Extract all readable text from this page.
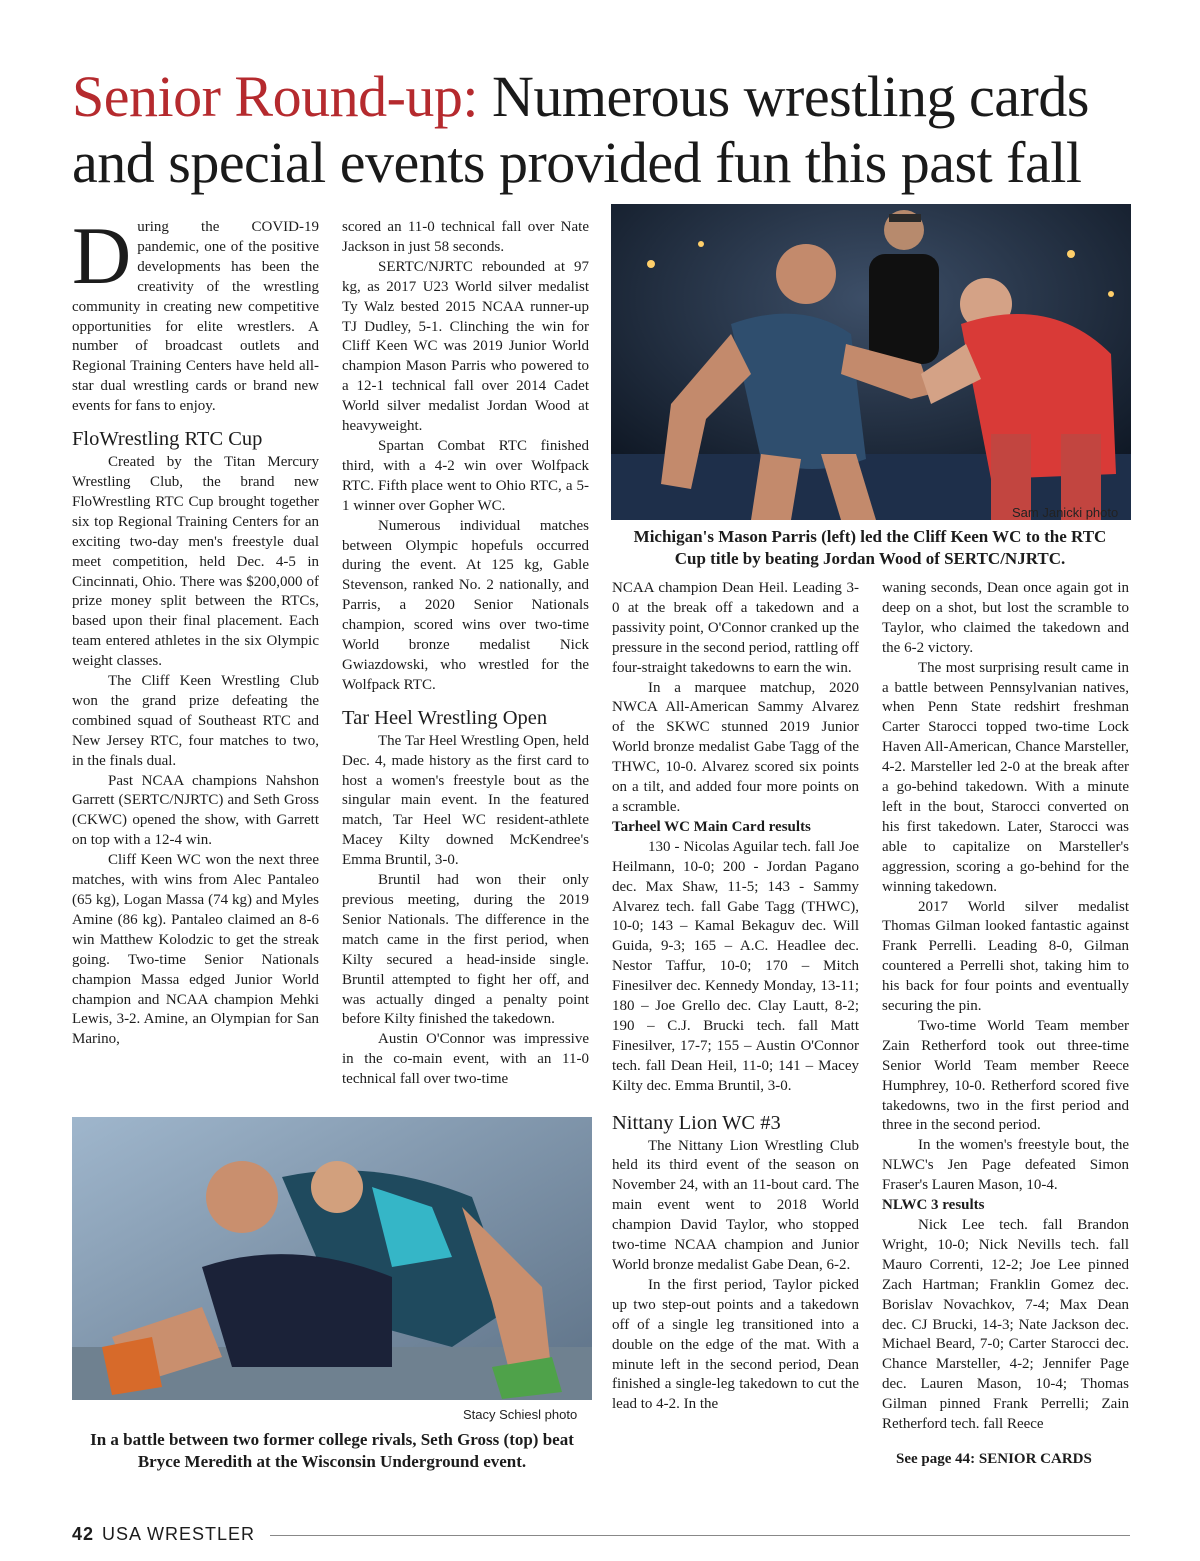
Senior Round-up: Numerous wrestling cards and special events provided fun this past fall

During the COVID-19 pandemic, one of the positive developments has been the creativity of the wrestling community in creating new competitive opportunities for elite wrestlers. A number of broadcast outlets and Regional Training Centers have held all-star dual wrestling cards or brand new events for fans to enjoy.

FloWrestling RTC Cup

Created by the Titan Mercury Wrestling Club, the brand new FloWrestling RTC Cup brought together six top Regional Training Centers for an exciting two-day men's freestyle dual meet competition, held Dec. 4-5 in Cincinnati, Ohio. There was $200,000 of prize money split between the RTCs, based upon their final placement. Each team entered athletes in the six Olympic weight classes.

The Cliff Keen Wrestling Club won the grand prize defeating the combined squad of Southeast RTC and New Jersey RTC, four matches to two, in the finals dual.

Past NCAA champions Nahshon Garrett (SERTC/NJRTC) and Seth Gross (CKWC) opened the show, with Garrett on top with a 12-4 win.

Cliff Keen WC won the next three matches, with wins from Alec Pantaleo (65 kg), Logan Massa (74 kg) and Myles Amine (86 kg). Pantaleo claimed an 8-6 win Matthew Kolodzic to get the streak going. Two-time Senior Nationals champion Massa edged Junior World champion and NCAA champion Mehki Lewis, 3-2. Amine, an Olympian for San Marino,

scored an 11-0 technical fall over Nate Jackson in just 58 seconds.

SERTC/NJRTC rebounded at 97 kg, as 2017 U23 World silver medalist Ty Walz bested 2015 NCAA runner-up TJ Dudley, 5-1. Clinching the win for Cliff Keen WC was 2019 Junior World champion Mason Parris who powered to a 12-1 technical fall over 2014 Cadet World silver medalist Jordan Wood at heavyweight.

Spartan Combat RTC finished third, with a 4-2 win over Wolfpack RTC. Fifth place went to Ohio RTC, a 5-1 winner over Gopher WC.

Numerous individual matches between Olympic hopefuls occurred during the event. At 125 kg, Gable Stevenson, ranked No. 2 nationally, and Parris, a 2020 Senior Nationals champion, scored wins over two-time World bronze medalist Nick Gwiazdowski, who wrestled for the Wolfpack RTC.

Tar Heel Wrestling Open

The Tar Heel Wrestling Open, held Dec. 4, made history as the first card to host a women's freestyle bout as the singular main event. In the featured match, Tar Heel WC resident-athlete Macey Kilty downed McKendree's Emma Bruntil, 3-0.

Bruntil had won their only previous meeting, during the 2019 Senior Nationals. The difference in the match came in the first period, when Kilty secured a head-inside single. Bruntil attempted to fight her off, and was actually dinged a penalty point before Kilty finished the takedown.

Austin O'Connor was impressive in the co-main event, with an 11-0 technical fall over two-time

Sam Janicki photo
Michigan's Mason Parris (left) led the Cliff Keen WC to the RTC Cup title by beating Jordan Wood of SERTC/NJRTC.

NCAA champion Dean Heil. Leading 3-0 at the break off a takedown and a passivity point, O'Connor cranked up the pressure in the second period, rattling off four-straight takedowns to earn the win.

In a marquee matchup, 2020 NWCA All-American Sammy Alvarez of the SKWC stunned 2019 Junior World bronze medalist Gabe Tagg of the THWC, 10-0. Alvarez scored six points on a tilt, and added four more points on a scramble.

Tarheel WC Main Card results

130 - Nicolas Aguilar tech. fall Joe Heilmann, 10-0; 200 - Jordan Pagano dec. Max Shaw, 11-5; 143 - Sammy Alvarez tech. fall Gabe Tagg (THWC), 10-0; 143 – Kamal Bekaguv dec. Will Guida, 9-3; 165 – A.C. Headlee dec. Nestor Taffur, 10-0; 170 – Mitch Finesilver dec. Kennedy Monday, 13-11; 180 – Joe Grello dec. Clay Lautt, 8-2; 190 – C.J. Brucki tech. fall Matt Finesilver, 17-7; 155 – Austin O'Connor tech. fall Dean Heil, 11-0; 141 – Macey Kilty dec. Emma Bruntil, 3-0.

Nittany Lion WC #3

The Nittany Lion Wrestling Club held its third event of the season on November 24, with an 11-bout card. The main event went to 2018 World champion David Taylor, who stopped two-time NCAA champion and Junior World bronze medalist Gabe Dean, 6-2.

In the first period, Taylor picked up two step-out points and a takedown off of a single leg transitioned into a double on the edge of the mat. With a minute left in the second period, Dean finished a single-leg takedown to cut the lead to 4-2. In the

waning seconds, Dean once again got in deep on a shot, but lost the scramble to Taylor, who claimed the takedown and the 6-2 victory.

The most surprising result came in a battle between Pennsylvanian natives, when Penn State redshirt freshman Carter Starocci topped two-time Lock Haven All-American, Chance Marsteller, 4-2. Marsteller led 2-0 at the break after a go-behind takedown. With a minute left in the bout, Starocci converted on his first takedown. Later, Starocci was able to capitalize on Marsteller's aggression, scoring a go-behind for the winning takedown.

2017 World silver medalist Thomas Gilman looked fantastic against Frank Perrelli. Leading 8-0, Gilman countered a Perrelli shot, taking him to his back for four points and eventually securing the pin.

Two-time World Team member Zain Retherford took out three-time Senior World Team member Reece Humphrey, 10-0. Retherford scored five takedowns, two in the first period and three in the second period.

In the women's freestyle bout, the NLWC's Jen Page defeated Simon Fraser's Lauren Mason, 10-4.

NLWC 3 results

Nick Lee tech. fall Brandon Wright, 10-0; Nick Nevills tech. fall Mauro Correnti, 12-2; Joe Lee pinned Zach Hartman; Franklin Gomez dec. Borislav Novachkov, 7-4; Max Dean dec. CJ Brucki, 14-3; Nate Jackson dec. Michael Beard, 7-0; Carter Starocci dec. Chance Marsteller, 4-2; Jennifer Page dec. Lauren Mason, 10-4; Thomas Gilman pinned Frank Perrelli; Zain Retherford tech. fall Reece

See page 44: SENIOR CARDS
Stacy Schiesl photo
In a battle between two former college rivals, Seth Gross (top) beat Bryce Meredith at the Wisconsin Underground event.
42 USA WRESTLER
